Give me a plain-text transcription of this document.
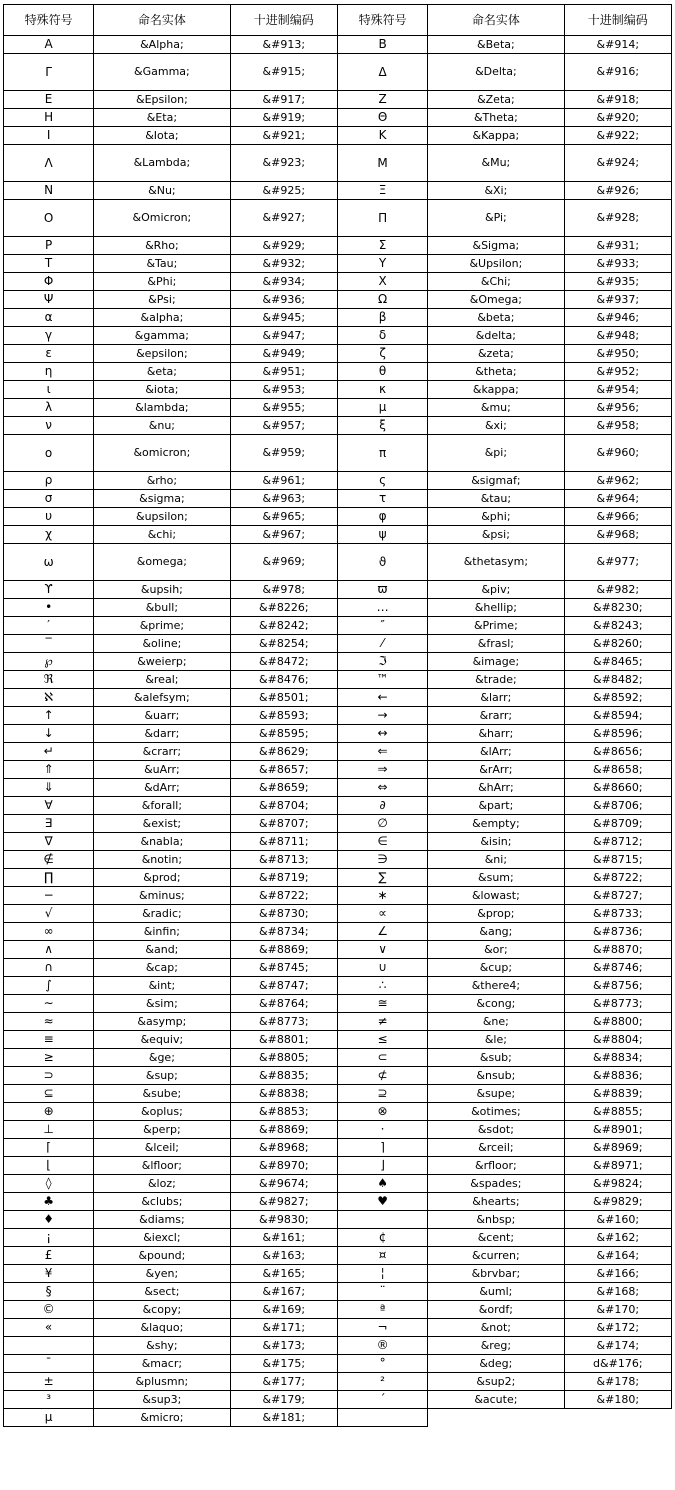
特殊符号	命名实体	十进制编码	特殊符号	命名实体	十进制编码
Α	&Alpha;	&#913;	Β	&Beta;	&#914;
Γ	&Gamma;	&#915;	Δ	&Delta;	&#916;
Ε	&Epsilon;	&#917;	Ζ	&Zeta;	&#918;
Η	&Eta;	&#919;	Θ	&Theta;	&#920;
Ι	&Iota;	&#921;	Κ	&Kappa;	&#922;
Λ	&Lambda;	&#923;	Μ	&Mu;	&#924;
Ν	&Nu;	&#925;	Ξ	&Xi;	&#926;
Ο	&Omicron;	&#927;	Π	&Pi;	&#928;
Ρ	&Rho;	&#929;	Σ	&Sigma;	&#931;
Τ	&Tau;	&#932;	Υ	&Upsilon;	&#933;
Φ	&Phi;	&#934;	Χ	&Chi;	&#935;
Ψ	&Psi;	&#936;	Ω	&Omega;	&#937;
α	&alpha;	&#945;	β	&beta;	&#946;
γ	&gamma;	&#947;	δ	&delta;	&#948;
ε	&epsilon;	&#949;	ζ	&zeta;	&#950;
η	&eta;	&#951;	θ	&theta;	&#952;
ι	&iota;	&#953;	κ	&kappa;	&#954;
λ	&lambda;	&#955;	μ	&mu;	&#956;
ν	&nu;	&#957;	ξ	&xi;	&#958;
ο	&omicron;	&#959;	π	&pi;	&#960;
ρ	&rho;	&#961;	ς	&sigmaf;	&#962;
σ	&sigma;	&#963;	τ	&tau;	&#964;
υ	&upsilon;	&#965;	φ	&phi;	&#966;
χ	&chi;	&#967;	ψ	&psi;	&#968;
ω	&omega;	&#969;	ϑ	&thetasym;	&#977;
ϒ	&upsih;	&#978;	ϖ	&piv;	&#982;
•	&bull;	&#8226;	…	&hellip;	&#8230;
′	&prime;	&#8242;	″	&Prime;	&#8243;
‾	&oline;	&#8254;	⁄	&frasl;	&#8260;
℘	&weierp;	&#8472;	ℑ	&image;	&#8465;
ℜ	&real;	&#8476;	™	&trade;	&#8482;
ℵ	&alefsym;	&#8501;	←	&larr;	&#8592;
↑	&uarr;	&#8593;	→	&rarr;	&#8594;
↓	&darr;	&#8595;	↔	&harr;	&#8596;
↵	&crarr;	&#8629;	⇐	&lArr;	&#8656;
⇑	&uArr;	&#8657;	⇒	&rArr;	&#8658;
⇓	&dArr;	&#8659;	⇔	&hArr;	&#8660;
∀	&forall;	&#8704;	∂	&part;	&#8706;
∃	&exist;	&#8707;	∅	&empty;	&#8709;
∇	&nabla;	&#8711;	∈	&isin;	&#8712;
∉	&notin;	&#8713;	∋	&ni;	&#8715;
∏	&prod;	&#8719;	∑	&sum;	&#8722;
−	&minus;	&#8722;	∗	&lowast;	&#8727;
√	&radic;	&#8730;	∝	&prop;	&#8733;
∞	&infin;	&#8734;	∠	&ang;	&#8736;
∧	&and;	&#8869;	∨	&or;	&#8870;
∩	&cap;	&#8745;	∪	&cup;	&#8746;
∫	&int;	&#8747;	∴	&there4;	&#8756;
∼	&sim;	&#8764;	≅	&cong;	&#8773;
≈	&asymp;	&#8773;	≠	&ne;	&#8800;
≡	&equiv;	&#8801;	≤	&le;	&#8804;
≥	&ge;	&#8805;	⊂	&sub;	&#8834;
⊃	&sup;	&#8835;	⊄	&nsub;	&#8836;
⊆	&sube;	&#8838;	⊇	&supe;	&#8839;
⊕	&oplus;	&#8853;	⊗	&otimes;	&#8855;
⊥	&perp;	&#8869;	⋅	&sdot;	&#8901;
⌈	&lceil;	&#8968;	⌉	&rceil;	&#8969;
⌊	&lfloor;	&#8970;	⌋	&rfloor;	&#8971;
◊	&loz;	&#9674;	♠	&spades;	&#9824;
♣	&clubs;	&#9827;	♥	&hearts;	&#9829;
♦	&diams;	&#9830;		&nbsp;	&#160;
¡	&iexcl;	&#161;	¢	&cent;	&#162;
£	&pound;	&#163;	¤	&curren;	&#164;
¥	&yen;	&#165;	¦	&brvbar;	&#166;
§	&sect;	&#167;	¨	&uml;	&#168;
©	&copy;	&#169;	ª	&ordf;	&#170;
«	&laquo;	&#171;	¬	&not;	&#172;
	&shy;	&#173;	®	&reg;	&#174;
¯	&macr;	&#175;	°	&deg;	d&#176;
±	&plusmn;	&#177;	²	&sup2;	&#178;
³	&sup3;	&#179;	´	&acute;	&#180;
µ	&micro;	&#181;			
